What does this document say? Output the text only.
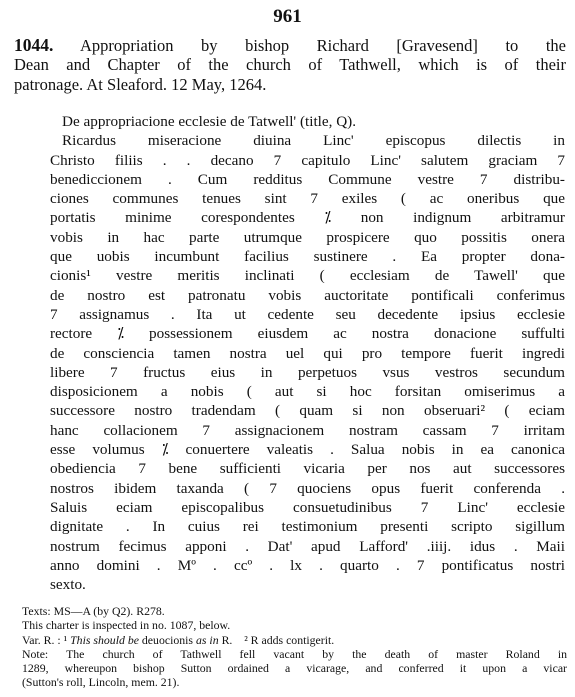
961
1044. Appropriation by bishop Richard [Gravesend] to the
Dean and Chapter of the church of Tathwell, which is of their
patronage. At Sleaford. 12 May, 1264.
De appropriacione ecclesie de Tatwell' (title, Q).
Ricardus miseracione diuina Linc' episcopus dilectis in
Christo filiis . . decano 7 capitulo Linc' salutem graciam 7
benediccionem . Cum redditus Commune vestre 7 distribu-
ciones communes tenues sint 7 exiles ( ac oneribus que
portatis minime corespondentes ⁒ non indignum arbitramur
vobis in hac parte utrumque prospicere quo possitis onera
que uobis incumbunt facilius sustinere . Ea propter dona-
cionis¹ vestre meritis inclinati ( ecclesiam de Tawell' que
de nostro est patronatu vobis auctoritate pontificali conferimus
7 assignamus . Ita ut cedente seu decedente ipsius ecclesie
rectore ⁒ possessionem eiusdem ac nostra donacione suffulti
de consciencia tamen nostra uel qui pro tempore fuerit ingredi
libere 7 fructus eius in perpetuos vsus vestros secundum
disposicionem a nobis ( aut si hoc forsitan omiserimus a
successore nostro tradendam ( quam si non obseruari² ( eciam
hanc collacionem 7 assignacionem nostram cassam 7 irritam
esse volumus ⁒ conuertere valeatis . Salua nobis in ea canonica
obediencia 7 bene sufficienti vicaria per nos aut successores
nostros ibidem taxanda ( 7 quociens opus fuerit conferenda .
Saluis eciam episcopalibus consuetudinibus 7 Linc' ecclesie
dignitate . In cuius rei testimonium presenti scripto sigillum
nostrum fecimus apponi . Dat' apud Lafford' .iiij. idus . Maii
anno domini . Mº . ccº . lx . quarto . 7 pontificatus nostri
sexto.
Texts: MS—A (by Q2). R278.
This charter is inspected in no. 1087, below.
Var. R. : ¹ This should be deuocionis as in R. ² R adds contigerit.
Note: The church of Tathwell fell vacant by the death of master Roland in
1289, whereupon bishop Sutton ordained a vicarage, and conferred it upon a vicar
(Sutton's roll, Lincoln, mem. 21).
